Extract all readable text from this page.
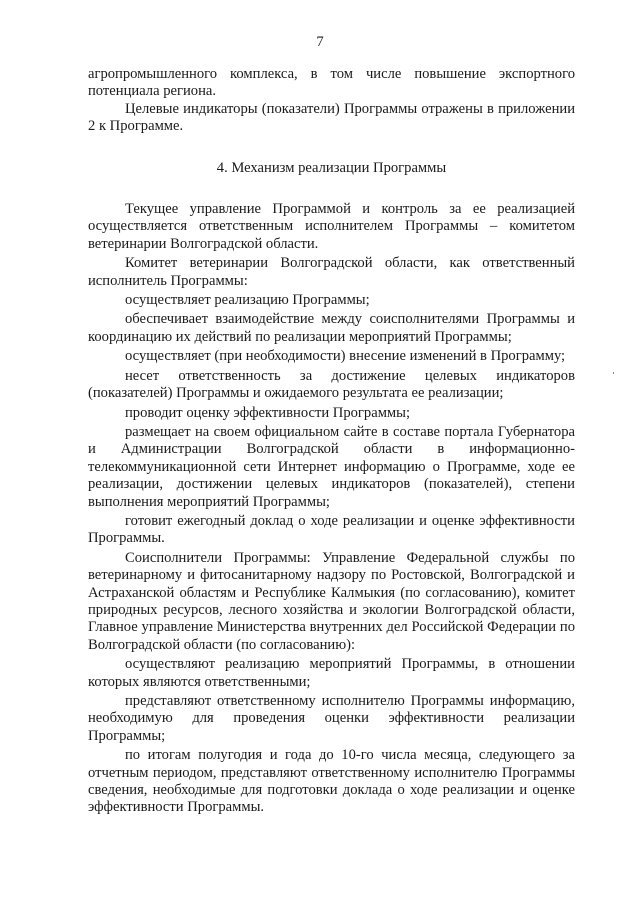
7

агропромышленного комплекса, в том числе повышение экспортного потенциала региона.

Целевые индикаторы (показатели) Программы отражены в приложении 2 к Программе.

4. Механизм реализации Программы

Текущее управление Программой и контроль за ее реализацией осуществляется ответственным исполнителем Программы – комитетом ветеринарии Волгоградской области.

Комитет ветеринарии Волгоградской области, как ответственный исполнитель Программы:

осуществляет реализацию Программы;

обеспечивает взаимодействие между соисполнителями Программы и координацию их действий по реализации мероприятий Программы;

осуществляет (при необходимости) внесение изменений в Программу;

несет ответственность за достижение целевых индикаторов (показателей) Программы и ожидаемого результата ее реализации;

проводит оценку эффективности Программы;

размещает на своем официальном сайте в составе портала Губернатора и Администрации Волгоградской области в информационно-телекоммуникационной сети Интернет информацию о Программе, ходе ее реализации, достижении целевых индикаторов (показателей), степени выполнения мероприятий Программы;

готовит ежегодный доклад о ходе реализации и оценке эффективности Программы.

Соисполнители Программы: Управление Федеральной службы по ветеринарному и фитосанитарному надзору по Ростовской, Волгоградской и Астраханской областям и Республике Калмыкия (по согласованию), комитет природных ресурсов, лесного хозяйства и экологии Волгоградской области, Главное управление Министерства внутренних дел Российской Федерации по Волгоградской области (по согласованию):

осуществляют реализацию мероприятий Программы, в отношении которых являются ответственными;

представляют ответственному исполнителю Программы информацию, необходимую для проведения оценки эффективности реализации Программы;

по итогам полугодия и года до 10-го числа месяца, следующего за отчетным периодом, представляют ответственному исполнителю Программы сведения, необходимые для подготовки доклада о ходе реализации и оценке эффективности Программы.
